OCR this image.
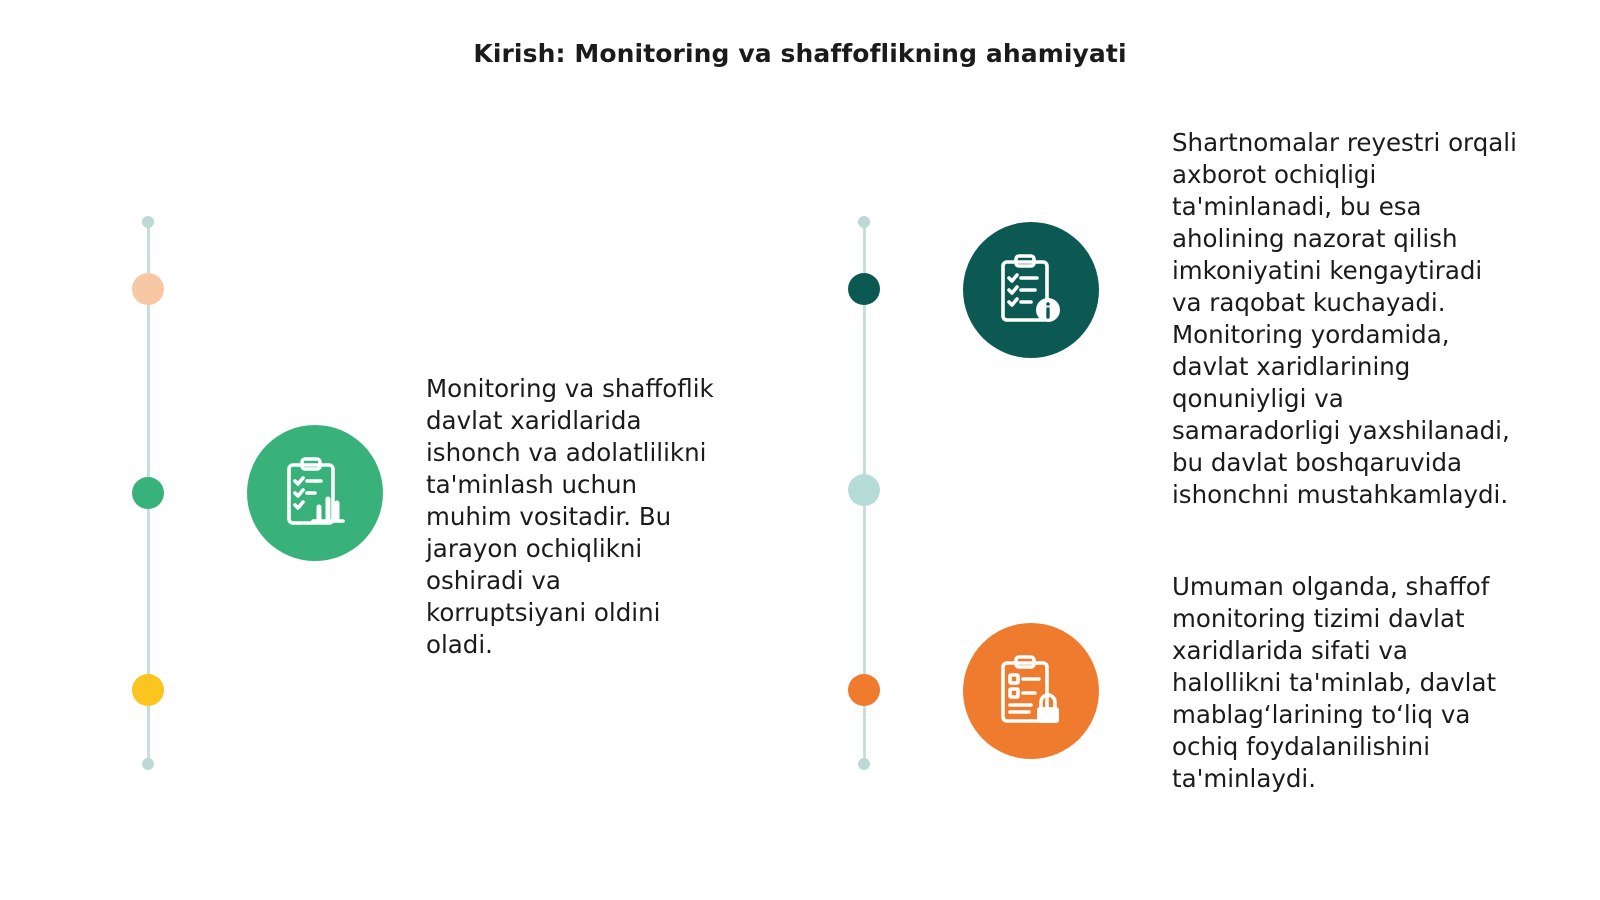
Kirish: Monitoring va shaffoflikning ahamiyati
Monitoring va shaffoflik
davlat xaridlarida
ishonch va adolatlilikni
ta'minlash uchun
muhim vositadir. Bu
jarayon ochiqlikni
oshiradi va
korruptsiyani oldini
oladi.
Shartnomalar reyestri orqali
axborot ochiqligi
ta'minlanadi, bu esa
aholining nazorat qilish
imkoniyatini kengaytiradi
va raqobat kuchayadi.
Monitoring yordamida,
davlat xaridlarining
qonuniyligi va
samaradorligi yaxshilanadi,
bu davlat boshqaruvida
ishonchni mustahkamlaydi.
Umuman olganda, shaffof
monitoring tizimi davlat
xaridlarida sifati va
halollikni ta'minlab, davlat
mablag‘larining to‘liq va
ochiq foydalanilishini
ta'minlaydi.
